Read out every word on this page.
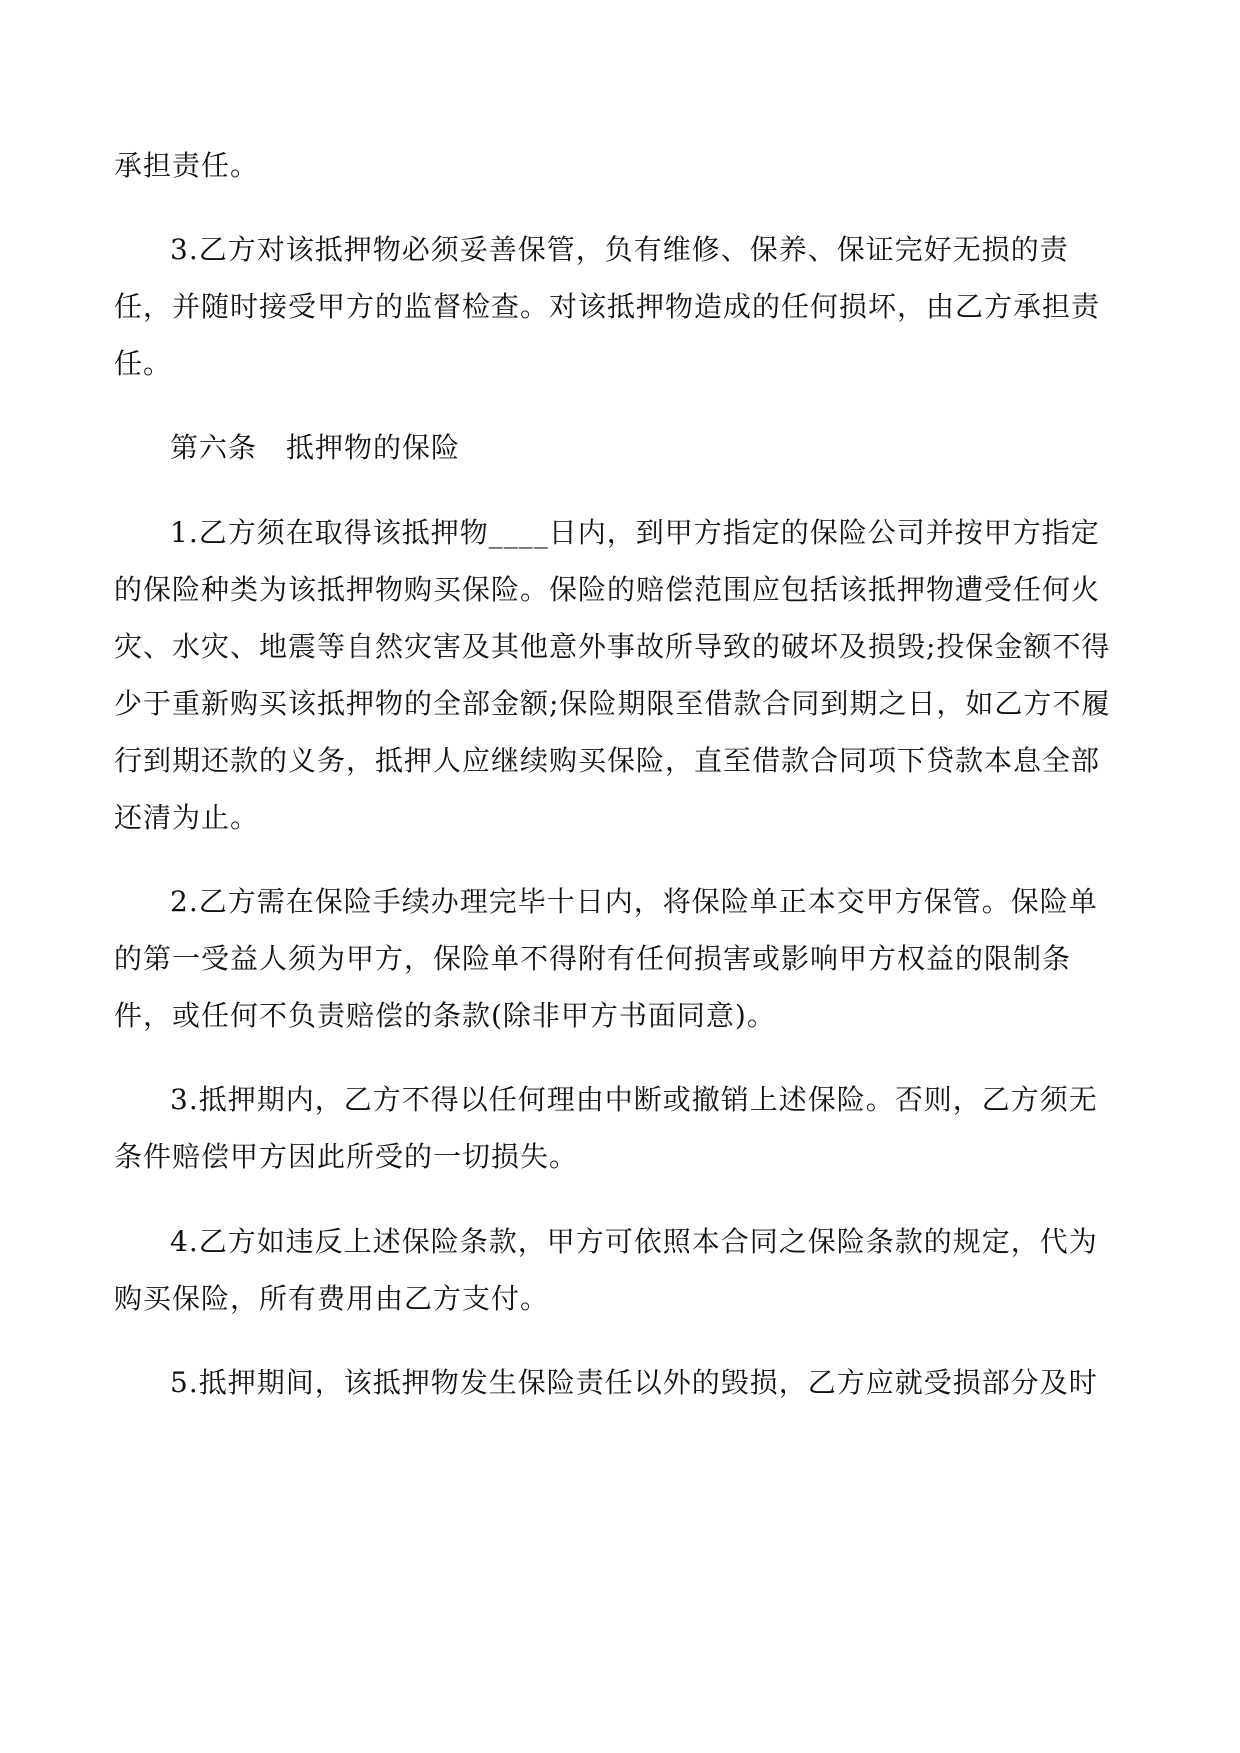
承担责任。
3.乙方对该抵押物必须妥善保管，负有维修、保养、保证完好无损的责
任，并随时接受甲方的监督检查。对该抵押物造成的任何损坏，由乙方承担责
任。
第六条　抵押物的保险
1.乙方须在取得该抵押物____日内，到甲方指定的保险公司并按甲方指定
的保险种类为该抵押物购买保险。保险的赔偿范围应包括该抵押物遭受任何火
灾、水灾、地震等自然灾害及其他意外事故所导致的破坏及损毁;投保金额不得
少于重新购买该抵押物的全部金额;保险期限至借款合同到期之日，如乙方不履
行到期还款的义务，抵押人应继续购买保险，直至借款合同项下贷款本息全部
还清为止。
2.乙方需在保险手续办理完毕十日内，将保险单正本交甲方保管。保险单
的第一受益人须为甲方，保险单不得附有任何损害或影响甲方权益的限制条
件，或任何不负责赔偿的条款(除非甲方书面同意)。
3.抵押期内，乙方不得以任何理由中断或撤销上述保险。否则，乙方须无
条件赔偿甲方因此所受的一切损失。
4.乙方如违反上述保险条款，甲方可依照本合同之保险条款的规定，代为
购买保险，所有费用由乙方支付。
5.抵押期间，该抵押物发生保险责任以外的毁损，乙方应就受损部分及时
